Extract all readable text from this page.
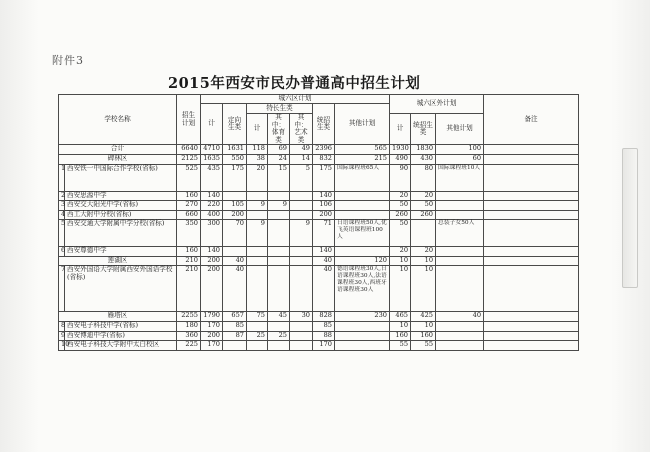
附件3
2015年西安市民办普通高中招生计划
学校名称		招生计划	城六区计划							城六区外计划			备注
			计	定向生类	特长生类			统招生类	其他计划				
					计	其中：体育类	其中：艺术类			计	统招生类	其他计划	
合计		6640	4710	1631	118	69	49	2396	565	1930	1830	100	
碑林区		2125	1635	550	38	24	14	832	215	490	430	60	
1	西安铁一中国际合作学校(省标)	525	435	175	20	15	5	175	国际课程班65人	90	80	国际课程班10人	
2	西安思源中学	160	140					140		20	20		
3	西安交大阳光中学(省标)	270	220	105	9	9		106		50	50		
4	西工大附中分校(省标)	660	400	200				200		260	260		
5	西安交通大学附属中学分校(省标)	350	300	70	9		9	71	日语课程班50人,优飞英语课程班100人	50		总装子女50人	
6	西安尊德中学	160	140					140		20	20		
莲湖区		210	200	40				40	120	10	10		
7	西安外国语大学附属西安外国语学校(省标)	210	200	40				40	德语课程班30人,日语课程班30人,法语课程班30人,西班牙语课程班30人	10	10		
雁塔区		2255	1790	657	75	45	30	828	230	465	425	40	
8	西安电子科技中学(省标)	180	170	85				85		10	10		
9	西安博迪中学(省标)	360	200	87	25	25		88		160	160		
10	西安电子科技大学附中太白校区	225	170					170		55	55		
